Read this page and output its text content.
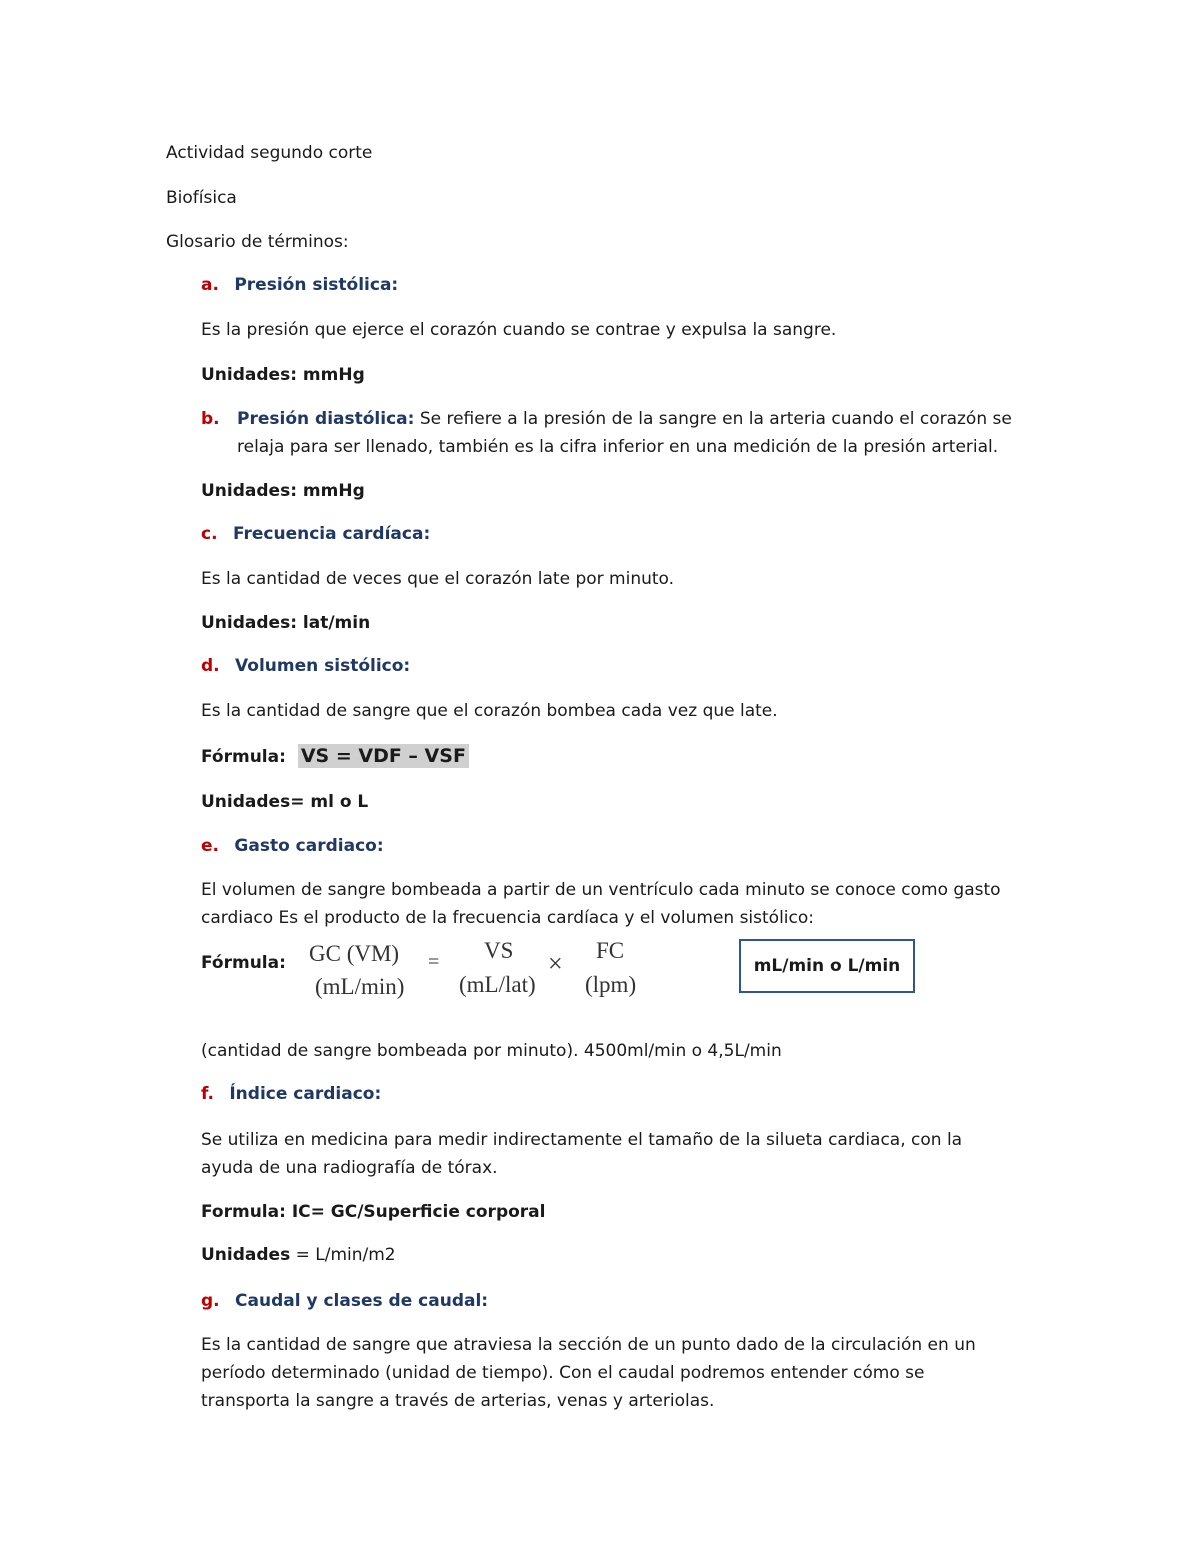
Actividad segundo corte
Biofísica
Glosario de términos:
a. Presión sistólica:
Es la presión que ejerce el corazón cuando se contrae y expulsa la sangre.
Unidades: mmHg
b. Presión diastólica: Se refiere a la presión de la sangre en la arteria cuando el corazón se relaja para ser llenado, también es la cifra inferior en una medición de la presión arterial.
Unidades: mmHg
c. Frecuencia cardíaca:
Es la cantidad de veces que el corazón late por minuto.
Unidades: lat/min
d. Volumen sistólico:
Es la cantidad de sangre que el corazón bombea cada vez que late.
Fórmula: VS = VDF – VSF
Unidades= ml o L
e. Gasto cardiaco:
El volumen de sangre bombeada a partir de un ventrículo cada minuto se conoce como gasto cardiaco Es el producto de la frecuencia cardíaca y el volumen sistólico:
Fórmula: GC (VM)
(mL/min)
= VS
(mL/lat)
× FC
(lpm)
mL/min o L/min
(cantidad de sangre bombeada por minuto). 4500ml/min o 4,5L/min
f. Índice cardiaco:
Se utiliza en medicina para medir indirectamente el tamaño de la silueta cardiaca, con la ayuda de una radiografía de tórax.
Formula: IC= GC/Superficie corporal
Unidades = L/min/m2
g. Caudal y clases de caudal:
Es la cantidad de sangre que atraviesa la sección de un punto dado de la circulación en un período determinado (unidad de tiempo). Con el caudal podremos entender cómo se transporta la sangre a través de arterias, venas y arteriolas.
